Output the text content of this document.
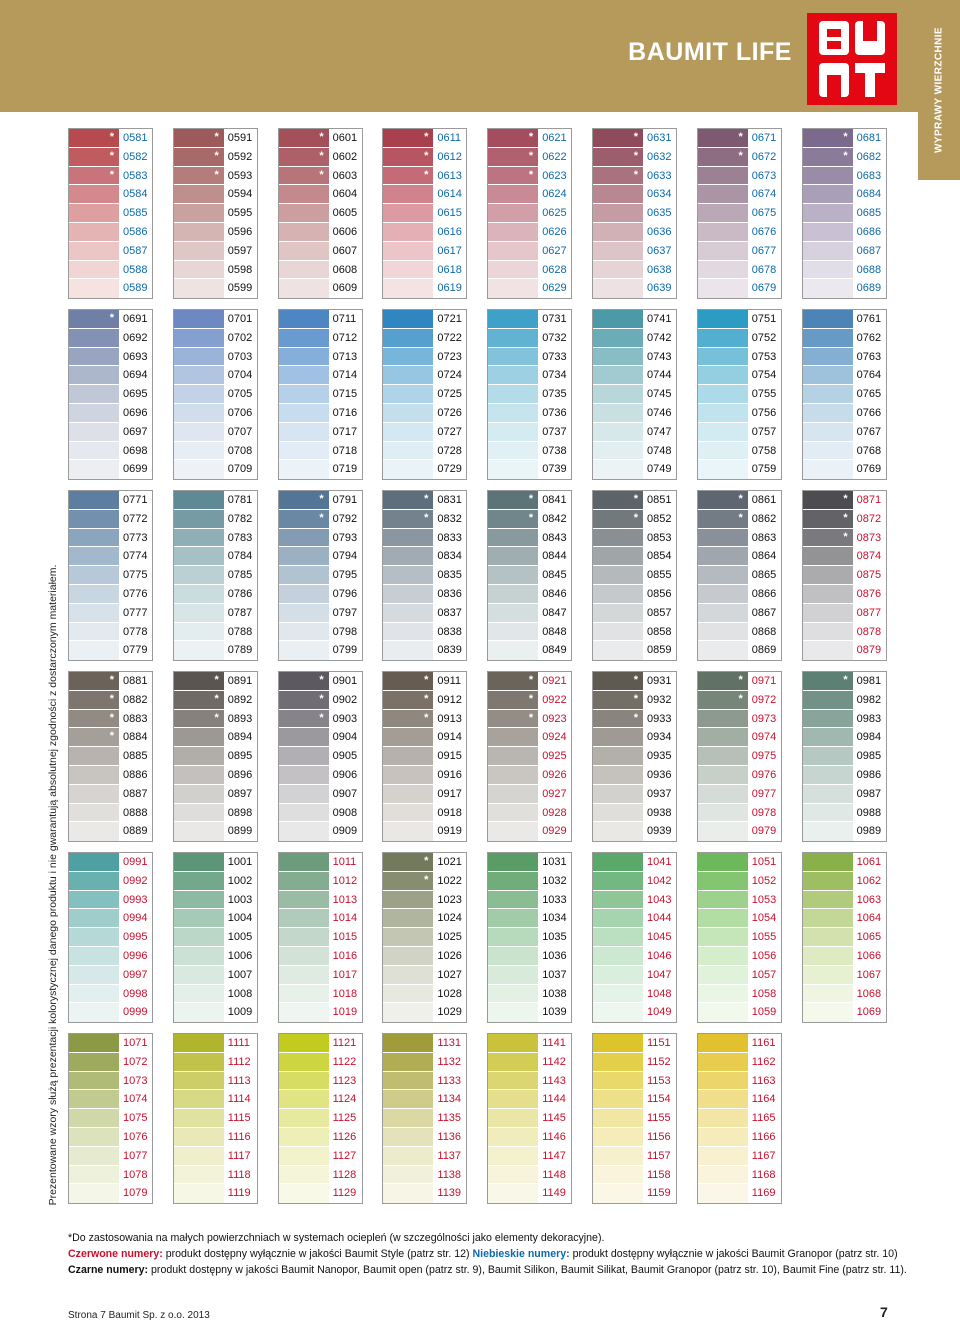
WYPRAWY WIERZCHNIE
BAUMIT LIFE
Prezentowane wzory służą prezentacji kolorystycznej danego produktu i nie gwarantują absolutnej zgodności z dostarczonym materiałem.
* 0581
* 0582
* 0583
0584
0585
0586
0587
0588
0589
* 0591
* 0592
* 0593
0594
0595
0596
0597
0598
0599
* 0601
* 0602
* 0603
0604
0605
0606
0607
0608
0609
* 0611
* 0612
* 0613
0614
0615
0616
0617
0618
0619
* 0621
* 0622
* 0623
0624
0625
0626
0627
0628
0629
* 0631
* 0632
* 0633
0634
0635
0636
0637
0638
0639
* 0671
* 0672
0673
0674
0675
0676
0677
0678
0679
* 0681
* 0682
0683
0684
0685
0686
0687
0688
0689
* 0691
0692
0693
0694
0695
0696
0697
0698
0699
0701
0702
0703
0704
0705
0706
0707
0708
0709
0711
0712
0713
0714
0715
0716
0717
0718
0719
0721
0722
0723
0724
0725
0726
0727
0728
0729
0731
0732
0733
0734
0735
0736
0737
0738
0739
0741
0742
0743
0744
0745
0746
0747
0748
0749
0751
0752
0753
0754
0755
0756
0757
0758
0759
0761
0762
0763
0764
0765
0766
0767
0768
0769
0771
0772
0773
0774
0775
0776
0777
0778
0779
0781
0782
0783
0784
0785
0786
0787
0788
0789
* 0791
* 0792
0793
0794
0795
0796
0797
0798
0799
* 0831
* 0832
0833
0834
0835
0836
0837
0838
0839
* 0841
* 0842
0843
0844
0845
0846
0847
0848
0849
* 0851
* 0852
0853
0854
0855
0856
0857
0858
0859
* 0861
* 0862
0863
0864
0865
0866
0867
0868
0869
* 0871
* 0872
* 0873
0874
0875
0876
0877
0878
0879
* 0881
* 0882
* 0883
* 0884
0885
0886
0887
0888
0889
* 0891
* 0892
* 0893
0894
0895
0896
0897
0898
0899
* 0901
* 0902
* 0903
0904
0905
0906
0907
0908
0909
* 0911
* 0912
* 0913
0914
0915
0916
0917
0918
0919
* 0921
* 0922
* 0923
0924
0925
0926
0927
0928
0929
* 0931
* 0932
* 0933
0934
0935
0936
0937
0938
0939
* 0971
* 0972
0973
0974
0975
0976
0977
0978
0979
* 0981
0982
0983
0984
0985
0986
0987
0988
0989
0991
0992
0993
0994
0995
0996
0997
0998
0999
1001
1002
1003
1004
1005
1006
1007
1008
1009
1011
1012
1013
1014
1015
1016
1017
1018
1019
* 1021
* 1022
1023
1024
1025
1026
1027
1028
1029
1031
1032
1033
1034
1035
1036
1037
1038
1039
1041
1042
1043
1044
1045
1046
1047
1048
1049
1051
1052
1053
1054
1055
1056
1057
1058
1059
1061
1062
1063
1064
1065
1066
1067
1068
1069
1071
1072
1073
1074
1075
1076
1077
1078
1079
1111
1112
1113
1114
1115
1116
1117
1118
1119
1121
1122
1123
1124
1125
1126
1127
1128
1129
1131
1132
1133
1134
1135
1136
1137
1138
1139
1141
1142
1143
1144
1145
1146
1147
1148
1149
1151
1152
1153
1154
1155
1156
1157
1158
1159
1161
1162
1163
1164
1165
1166
1167
1168
1169
*Do zastosowania na małych powierzchniach w systemach ociepleń (w szczególności jako elementy dekoracyjne).
Czerwone numery: produkt dostępny wyłącznie w jakości Baumit Style (patrz str. 12) Niebieskie numery: produkt dostępny wyłącznie w jakości Baumit Granopor (patrz str. 10)
Czarne numery: produkt dostępny w jakości Baumit Nanopor, Baumit open (patrz str. 9), Baumit Silikon, Baumit Silikat, Baumit Granopor (patrz str. 10), Baumit Fine (patrz str. 11).
Strona 7 Baumit Sp. z o.o. 2013	7
